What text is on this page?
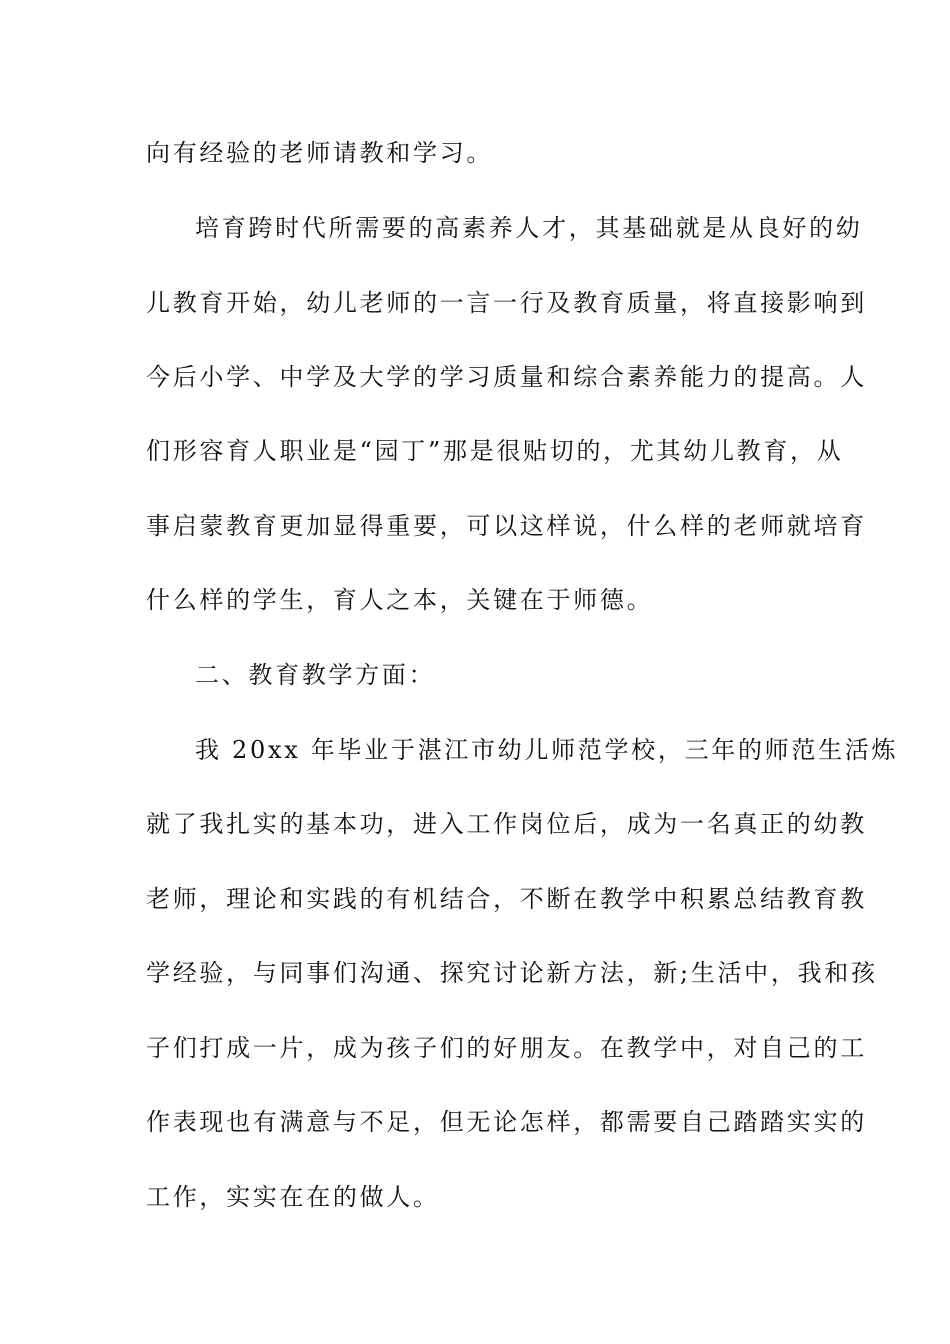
向有经验的老师请教和学习。
培育跨时代所需要的高素养人才，其基础就是从良好的幼
儿教育开始，幼儿老师的一言一行及教育质量，将直接影响到
今后小学、中学及大学的学习质量和综合素养能力的提高。人
们形容育人职业是“园丁”那是很贴切的，尤其幼儿教育，从
事启蒙教育更加显得重要，可以这样说，什么样的老师就培育
什么样的学生，育人之本，关键在于师德。
二、教育教学方面：
我 20xx 年毕业于湛江市幼儿师范学校，三年的师范生活炼
就了我扎实的基本功，进入工作岗位后，成为一名真正的幼教
老师，理论和实践的有机结合，不断在教学中积累总结教育教
学经验，与同事们沟通、探究讨论新方法，新;生活中，我和孩
子们打成一片，成为孩子们的好朋友。在教学中，对自己的工
作表现也有满意与不足，但无论怎样，都需要自己踏踏实实的
工作，实实在在的做人。
